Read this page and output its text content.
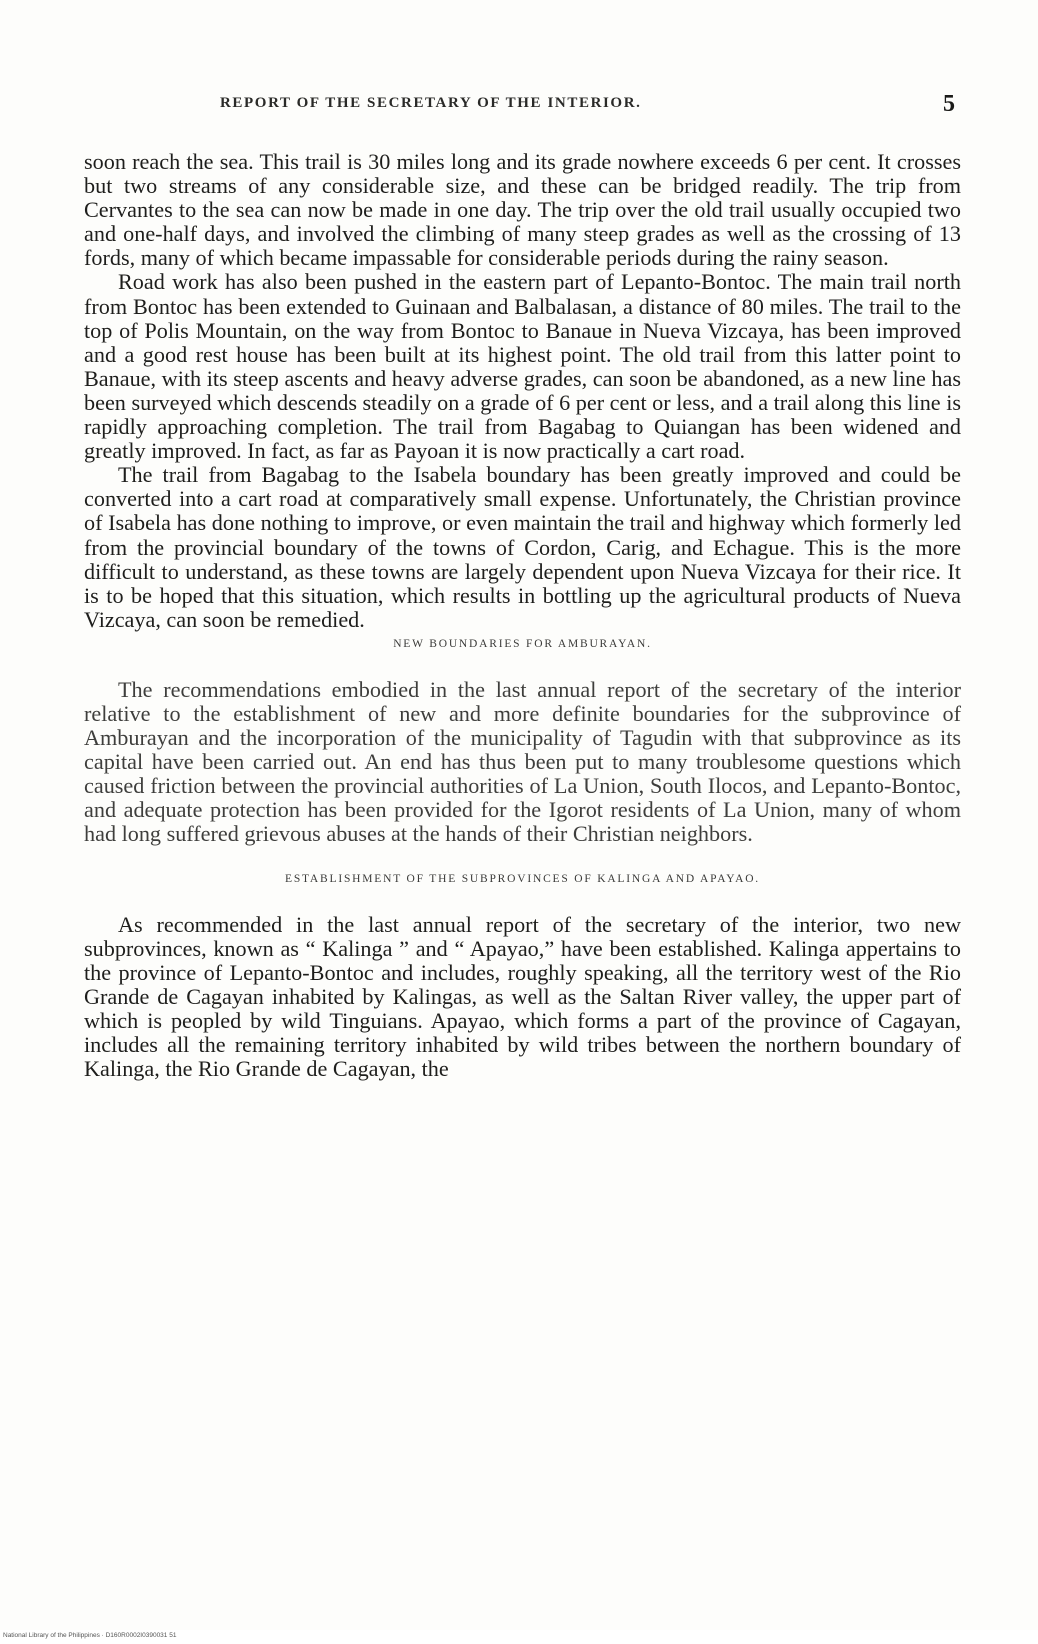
REPORT OF THE SECRETARY OF THE INTERIOR.	5

soon reach the sea. This trail is 30 miles long and its grade nowhere exceeds 6 per cent. It crosses but two streams of any considerable size, and these can be bridged readily. The trip from Cervantes to the sea can now be made in one day. The trip over the old trail usually occupied two and one-half days, and involved the climbing of many steep grades as well as the crossing of 13 fords, many of which became impassable for considerable periods during the rainy season.

Road work has also been pushed in the eastern part of Lepanto-Bontoc. The main trail north from Bontoc has been extended to Guinaan and Balbalasan, a distance of 80 miles. The trail to the top of Polis Mountain, on the way from Bontoc to Banaue in Nueva Vizcaya, has been improved and a good rest house has been built at its highest point. The old trail from this latter point to Banaue, with its steep ascents and heavy adverse grades, can soon be abandoned, as a new line has been surveyed which descends steadily on a grade of 6 per cent or less, and a trail along this line is rapidly approaching completion. The trail from Bagabag to Quiangan has been widened and greatly improved. In fact, as far as Payoan it is now practically a cart road.

The trail from Bagabag to the Isabela boundary has been greatly improved and could be converted into a cart road at comparatively small expense. Unfortunately, the Christian province of Isabela has done nothing to improve, or even maintain the trail and highway which formerly led from the provincial boundary of the towns of Cordon, Carig, and Echague. This is the more difficult to understand, as these towns are largely dependent upon Nueva Vizcaya for their rice. It is to be hoped that this situation, which results in bottling up the agricultural products of Nueva Vizcaya, can soon be remedied.

NEW BOUNDARIES FOR AMBURAYAN.

The recommendations embodied in the last annual report of the secretary of the interior relative to the establishment of new and more definite boundaries for the subprovince of Amburayan and the incorporation of the municipality of Tagudin with that subprovince as its capital have been carried out. An end has thus been put to many troublesome questions which caused friction between the provincial authorities of La Union, South Ilocos, and Lepanto-Bontoc, and adequate protection has been provided for the Igorot residents of La Union, many of whom had long suffered grievous abuses at the hands of their Christian neighbors.

ESTABLISHMENT OF THE SUBPROVINCES OF KALINGA AND APAYAO.

As recommended in the last annual report of the secretary of the interior, two new subprovinces, known as “ Kalinga ” and “ Apayao,” have been established. Kalinga appertains to the province of Lepanto-Bontoc and includes, roughly speaking, all the territory west of the Rio Grande de Cagayan inhabited by Kalingas, as well as the Saltan River valley, the upper part of which is peopled by wild Tinguians. Apayao, which forms a part of the province of Cagayan, includes all the remaining territory inhabited by wild tribes between the northern boundary of Kalinga, the Rio Grande de Cagayan, the

National Library of the Philippines · D160R0002I0390031 51
